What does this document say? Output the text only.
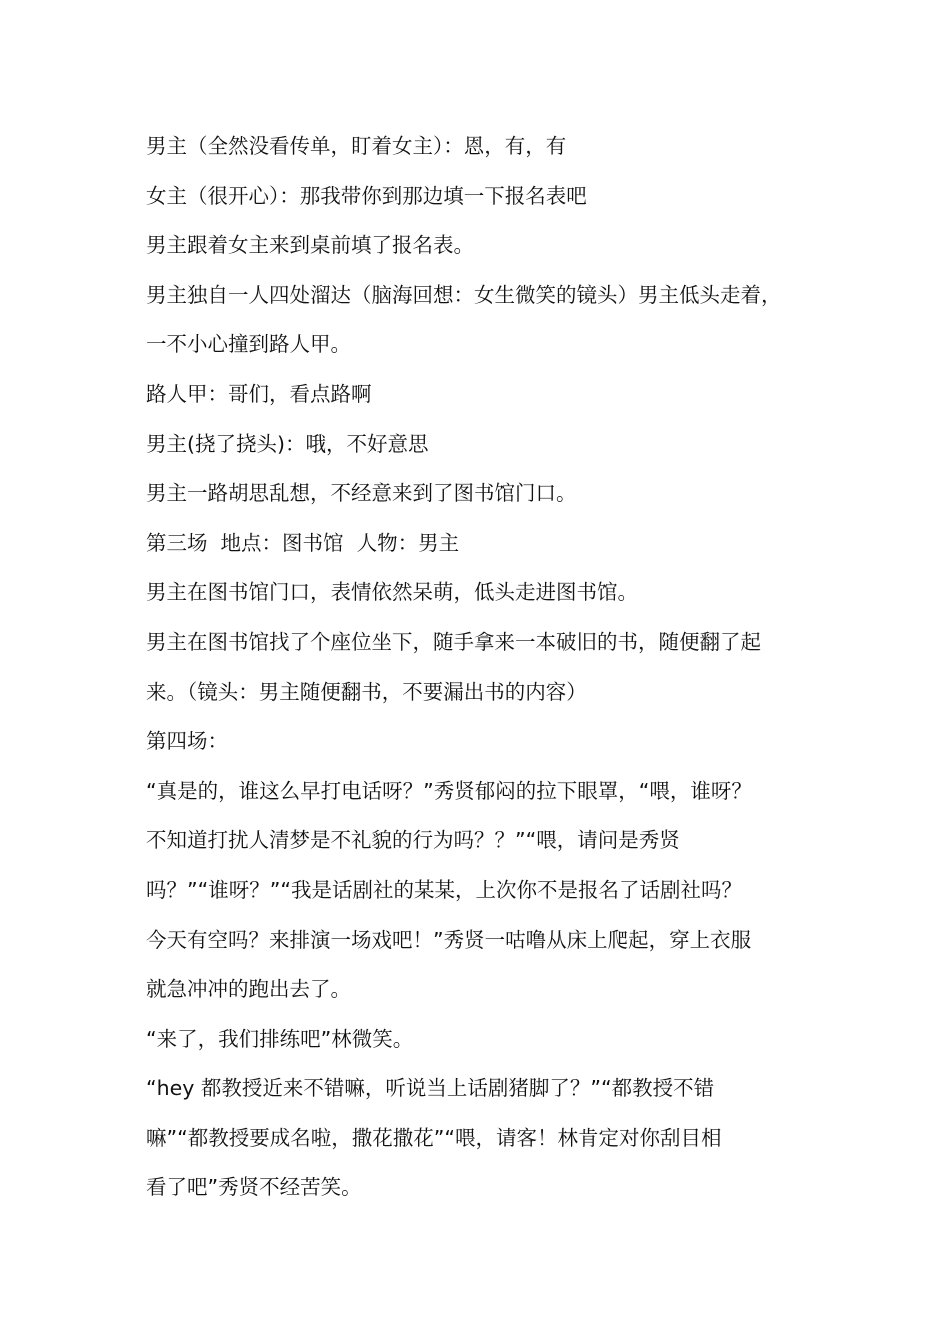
男主（全然没看传单，盯着女主）：恩，有，有

女主（很开心）：那我带你到那边填一下报名表吧

男主跟着女主来到桌前填了报名表。

男主独自一人四处溜达（脑海回想：女生微笑的镜头）男主低头走着，

一不小心撞到路人甲。

路人甲：哥们，看点路啊

男主(挠了挠头)：哦，不好意思

男主一路胡思乱想，不经意来到了图书馆门口。

第三场  地点：图书馆  人物：男主

男主在图书馆门口，表情依然呆萌，低头走进图书馆。

男主在图书馆找了个座位坐下，随手拿来一本破旧的书，随便翻了起

来。（镜头：男主随便翻书，不要漏出书的内容）

第四场：

“真是的，谁这么早打电话呀？”秀贤郁闷的拉下眼罩，“喂，谁呀？

不知道打扰人清梦是不礼貌的行为吗？？”“喂，请问是秀贤

吗？”“谁呀？”“我是话剧社的某某，上次你不是报名了话剧社吗？

今天有空吗？来排演一场戏吧！”秀贤一咕噜从床上爬起，穿上衣服

就急冲冲的跑出去了。

“来了，我们排练吧”林微笑。

“hey 都教授近来不错嘛，听说当上话剧猪脚了？”“都教授不错

嘛”“都教授要成名啦，撒花撒花”“喂，请客！林肯定对你刮目相

看了吧”秀贤不经苦笑。
